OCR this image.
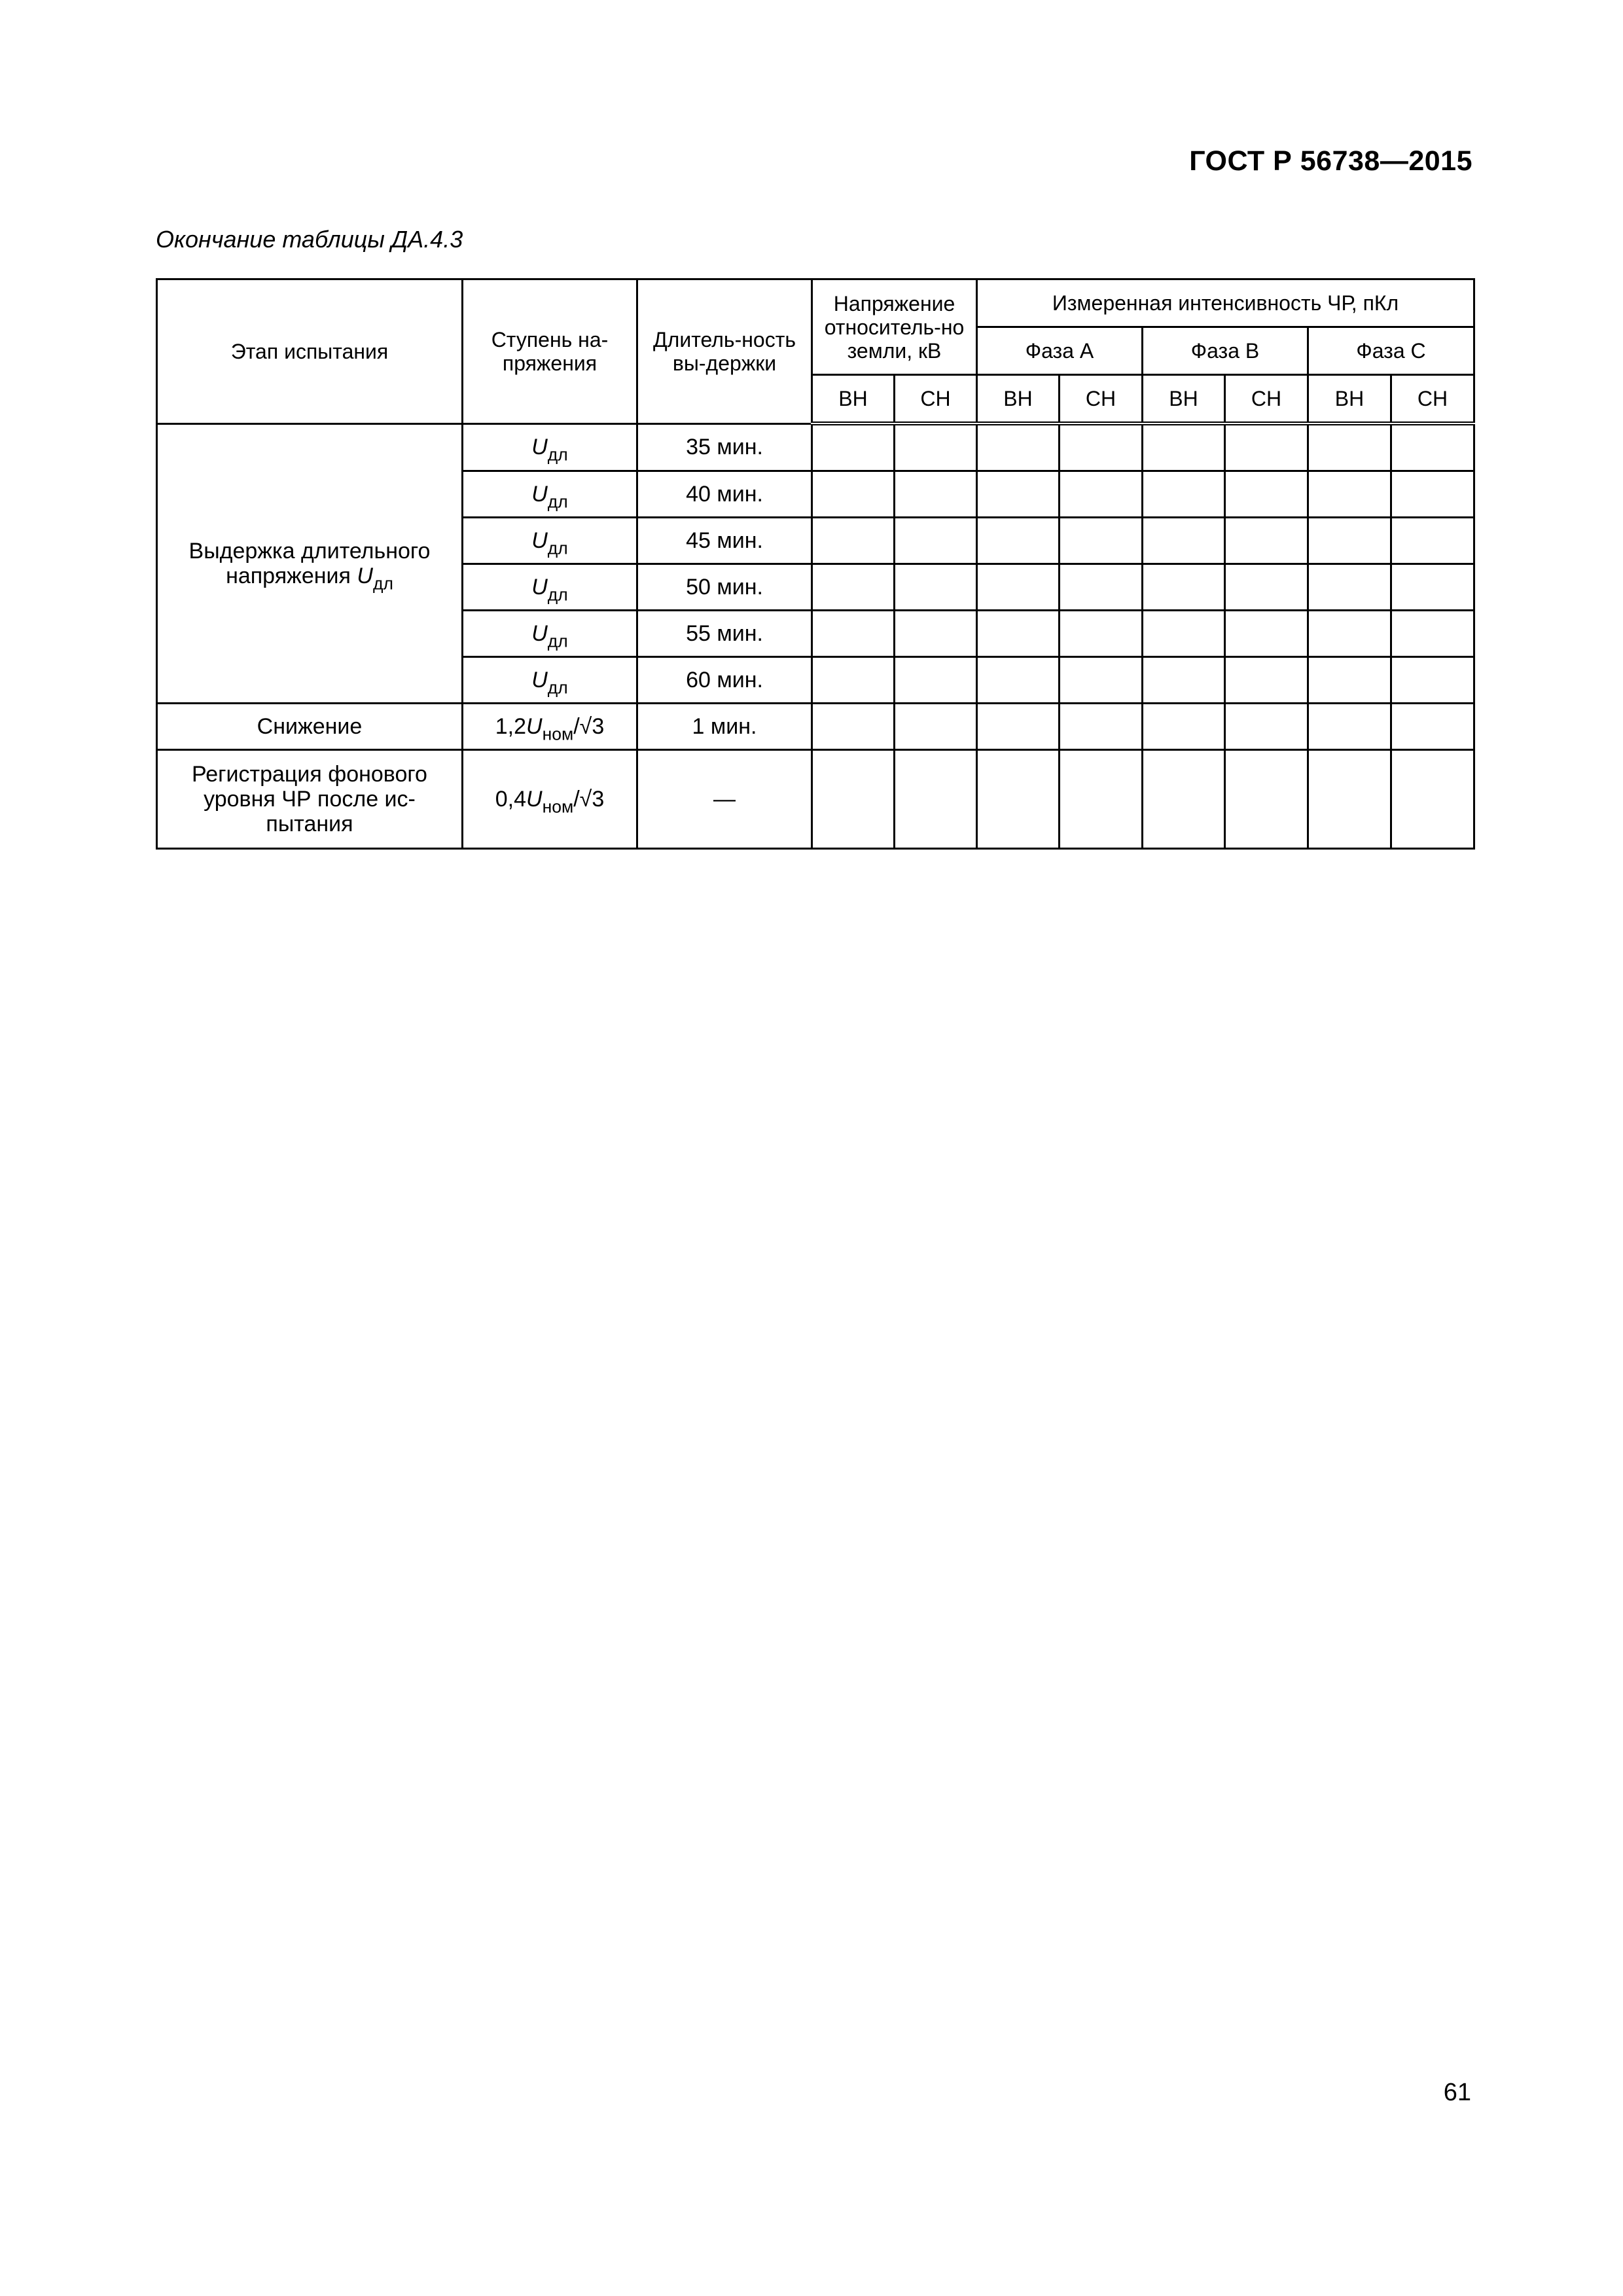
ГОСТ Р 56738—2015
Окончание таблицы ДА.4.3
Этап испытания	Ступень на-пряжения	Длитель-ность вы-держки	Напряжение относитель-но земли, кВ		Измеренная интенсивность ЧР, пКл					
					Фаза А		Фаза В		Фаза С	
			ВН	СН	ВН	СН	ВН	СН	ВН	СН
Выдержка длительного напряжения $U_{дл}$	$U_{дл}$	35 мин.								
	$U_{дл}$	40 мин.								
	$U_{дл}$	45 мин.								
	$U_{дл}$	50 мин.								
	$U_{дл}$	55 мин.								
	$U_{дл}$	60 мин.								
Снижение	$1,2U_{ном}/√3$	1 мин.								
Регистрация фонового уровня ЧР после ис-пытания	$0,4U_{ном}/√3$	—								
61
